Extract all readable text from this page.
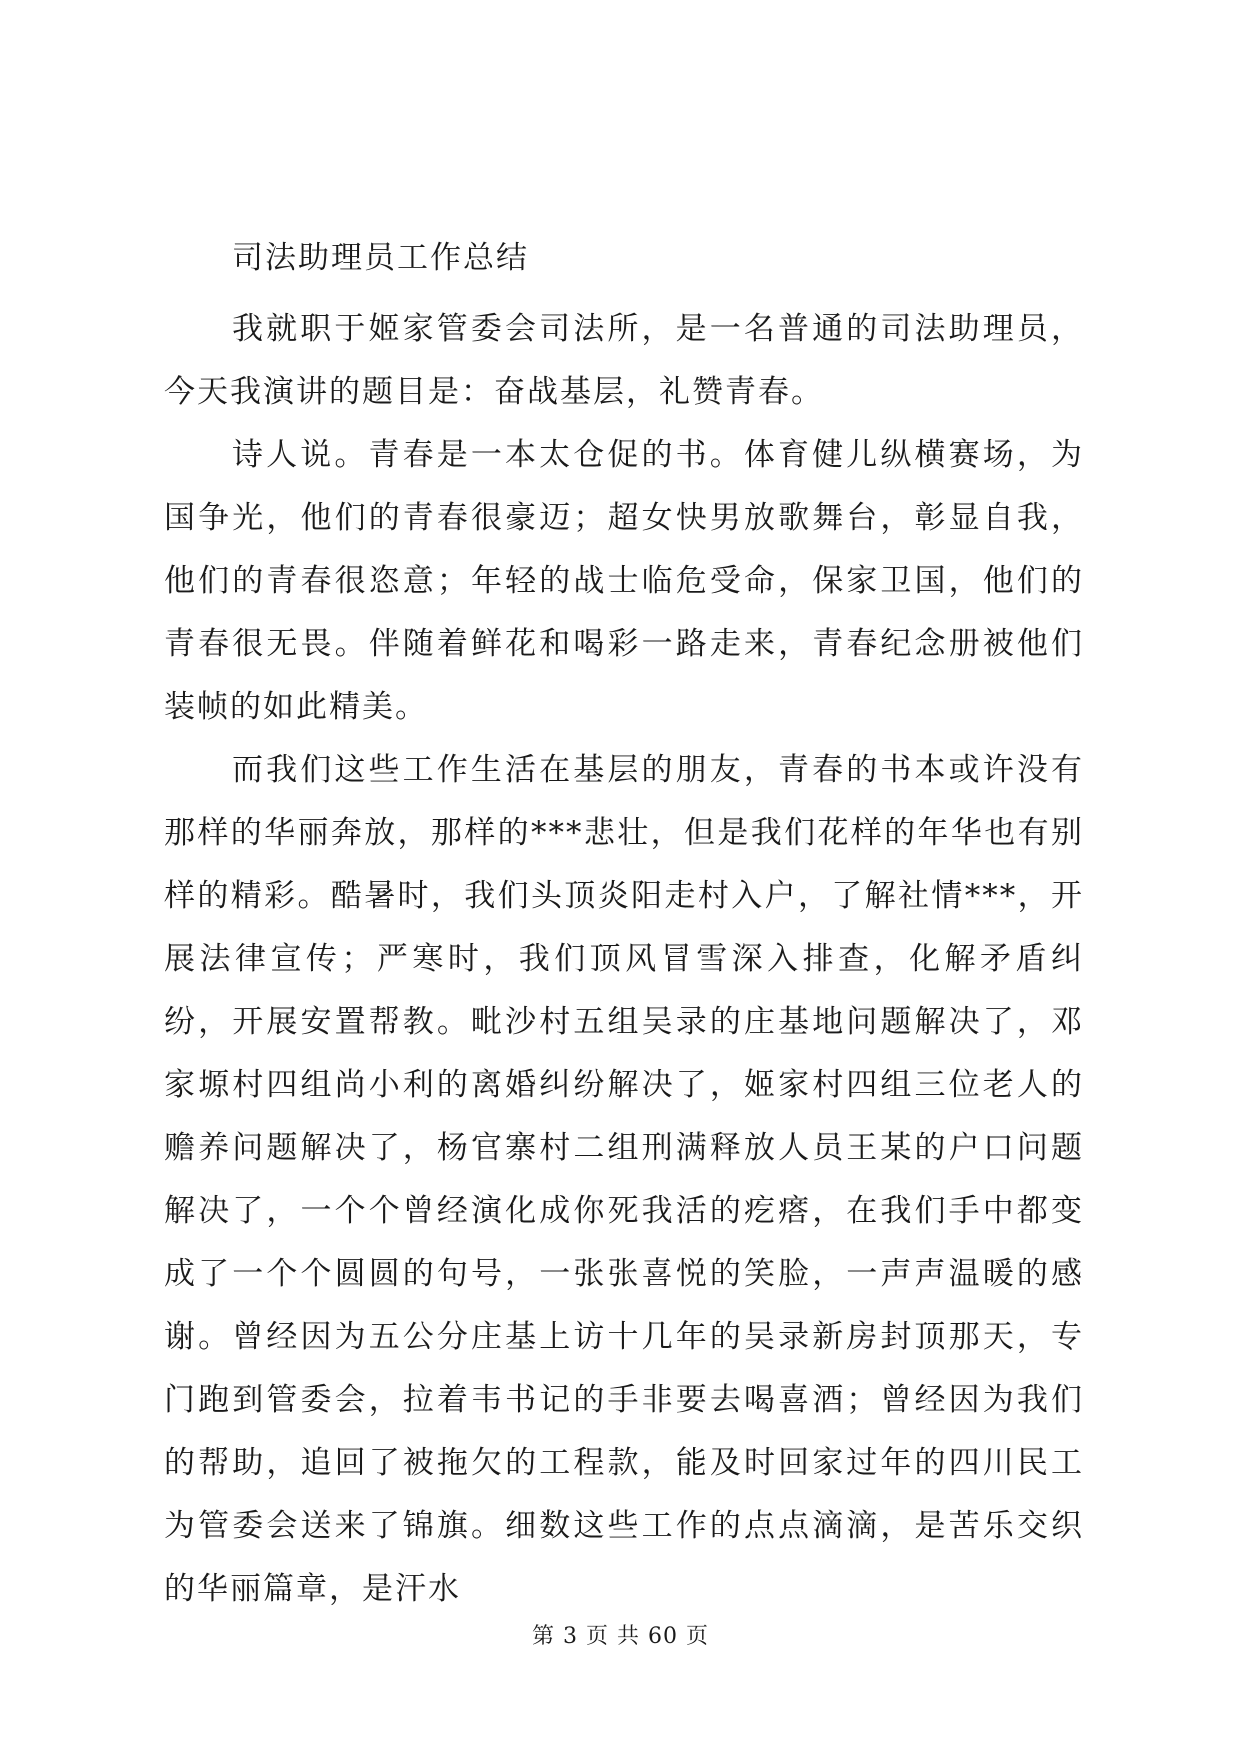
司法助理员工作总结

我就职于姬家管委会司法所，是一名普通的司法助理员，今天我演讲的题目是：奋战基层，礼赞青春。

诗人说。青春是一本太仓促的书。体育健儿纵横赛场，为国争光，他们的青春很豪迈；超女快男放歌舞台，彰显自我，他们的青春很恣意；年轻的战士临危受命，保家卫国，他们的青春很无畏。伴随着鲜花和喝彩一路走来，青春纪念册被他们装帧的如此精美。

而我们这些工作生活在基层的朋友，青春的书本或许没有那样的华丽奔放，那样的***悲壮，但是我们花样的年华也有别样的精彩。酷暑时，我们头顶炎阳走村入户，了解社情***，开展法律宣传；严寒时，我们顶风冒雪深入排查，化解矛盾纠纷，开展安置帮教。毗沙村五组吴录的庄基地问题解决了，邓家塬村四组尚小利的离婚纠纷解决了，姬家村四组三位老人的赡养问题解决了，杨官寨村二组刑满释放人员王某的户口问题解决了，一个个曾经演化成你死我活的疙瘩，在我们手中都变成了一个个圆圆的句号，一张张喜悦的笑脸，一声声温暖的感谢。曾经因为五公分庄基上访十几年的吴录新房封顶那天，专门跑到管委会，拉着韦书记的手非要去喝喜酒；曾经因为我们的帮助，追回了被拖欠的工程款，能及时回家过年的四川民工为管委会送来了锦旗。细数这些工作的点点滴滴，是苦乐交织的华丽篇章，是汗水

第 3 页 共 60 页
